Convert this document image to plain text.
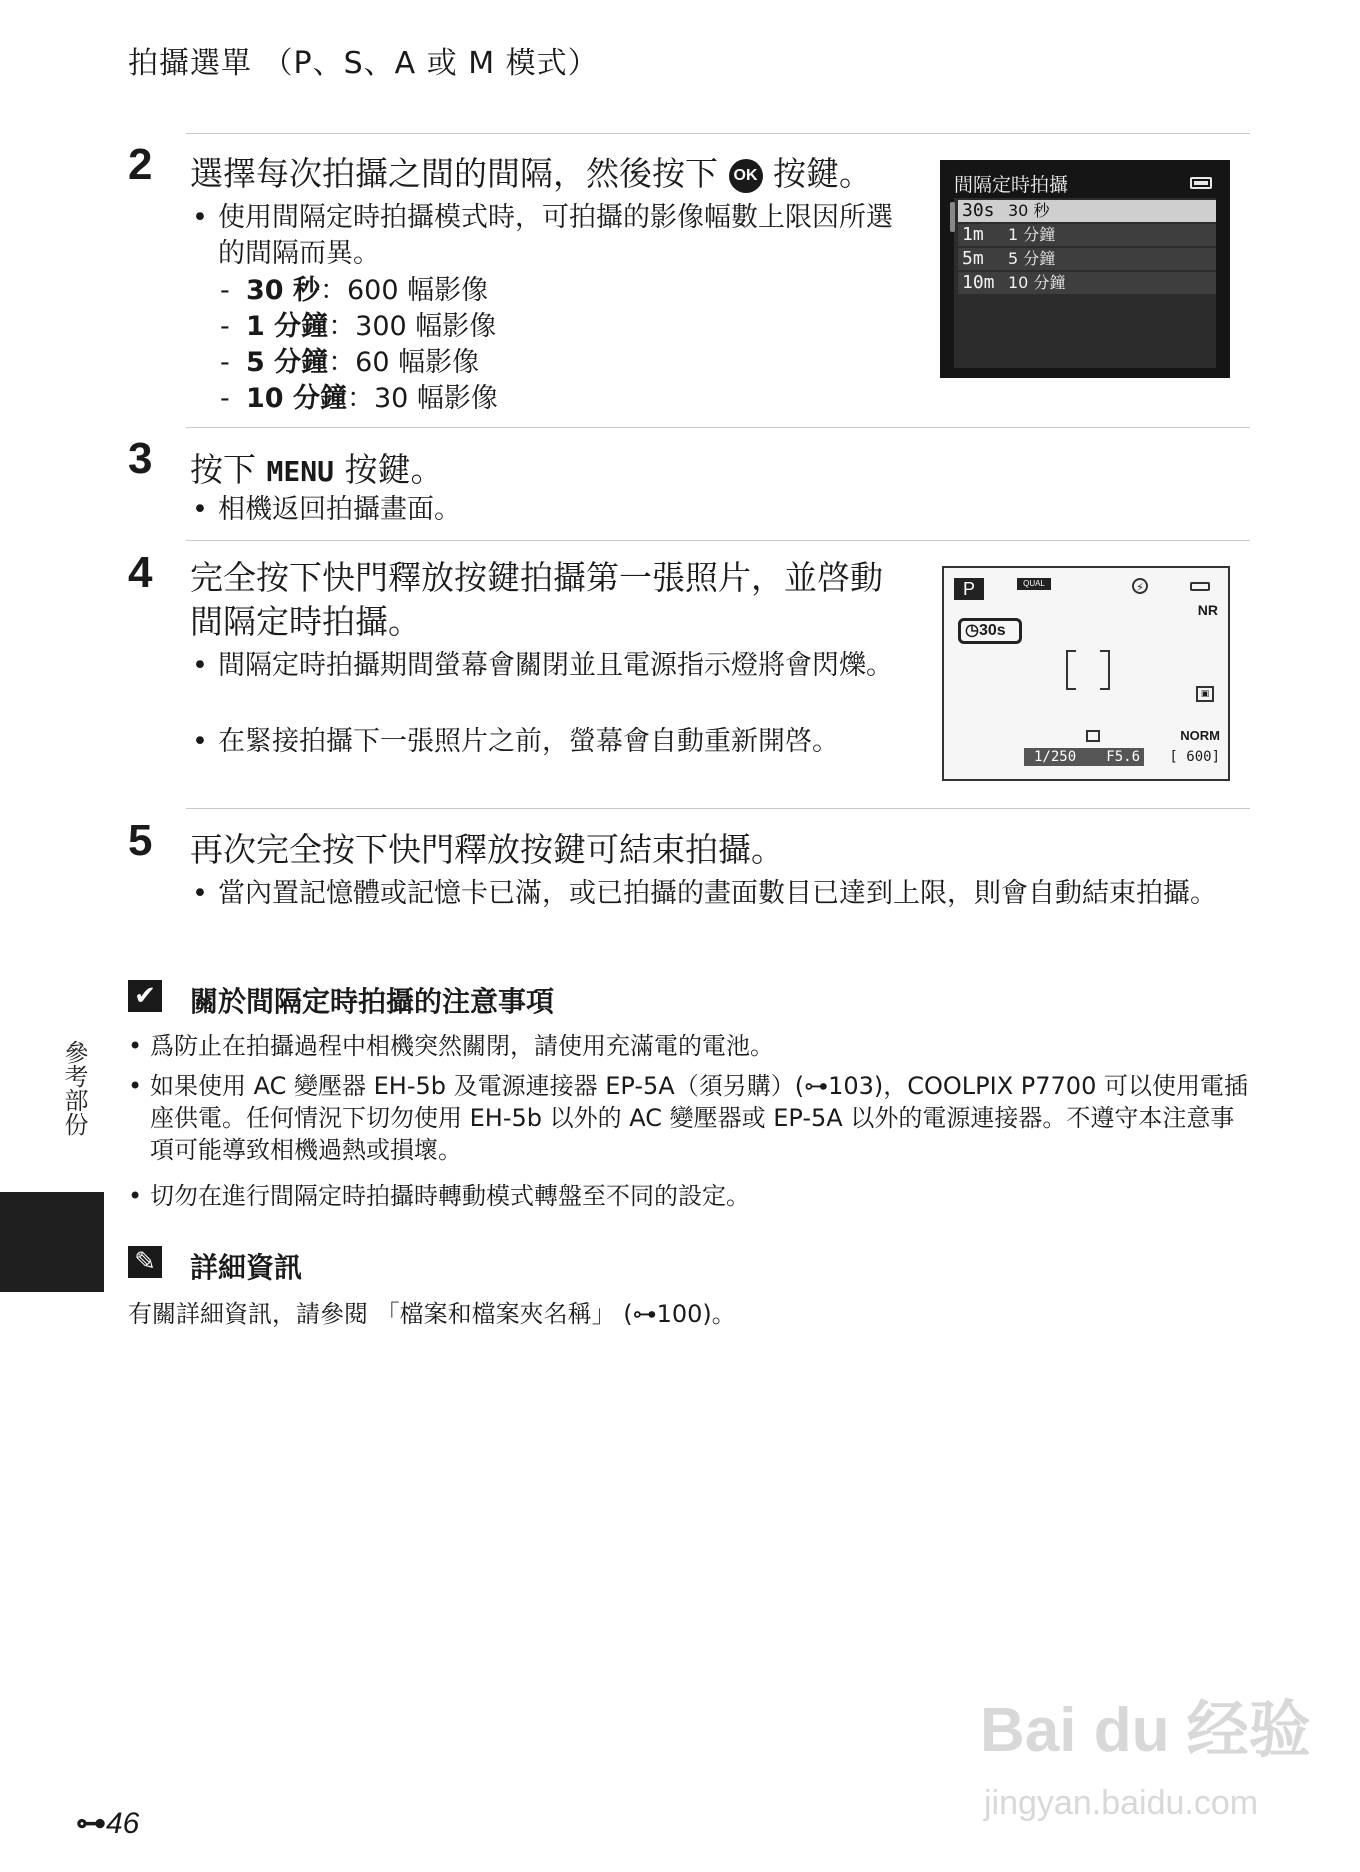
拍攝選單 （P、S、A 或 M 模式）
2 選擇每次拍攝之間的間隔，然後按下 OK 按鍵。
• 使用間隔定時拍攝模式時，可拍攝的影像幅數上限因所選的間隔而異。
- 30 秒：600 幅影像
- 1 分鐘：300 幅影像
- 5 分鐘：60 幅影像
- 10 分鐘：30 幅影像
間隔定時拍攝
30s 30 秒
1m 1 分鐘
5m 5 分鐘
10m 10 分鐘
3 按下 MENU 按鍵。
• 相機返回拍攝畫面。
4 完全按下快門釋放按鍵拍攝第一張照片，並啓動間隔定時拍攝。
• 間隔定時拍攝期間螢幕會關閉並且電源指示燈將會閃爍。
• 在緊接拍攝下一張照片之前，螢幕會自動重新開啓。
P	QUAL	⚡
NR
◷30s
▣
NORM
1/250 F5.6 [ 600]
5 再次完全按下快門釋放按鍵可結束拍攝。
• 當內置記憶體或記憶卡已滿，或已拍攝的畫面數目已達到上限，則會自動結束拍攝。
✔ 關於間隔定時拍攝的注意事項
• 爲防止在拍攝過程中相機突然關閉，請使用充滿電的電池。
• 如果使用 AC 變壓器 EH-5b 及電源連接器 EP-5A（須另購）(⊶103)，COOLPIX P7700 可以使用電插座供電。任何情況下切勿使用 EH-5b 以外的 AC 變壓器或 EP-5A 以外的電源連接器。不遵守本注意事項可能導致相機過熱或損壞。
• 切勿在進行間隔定時拍攝時轉動模式轉盤至不同的設定。
✎ 詳細資訊
有關詳細資訊，請參閱 「檔案和檔案夾名稱」 (⊶100)。
參考部份
⊶46
Bai du 经验
jingyan.baidu.com
